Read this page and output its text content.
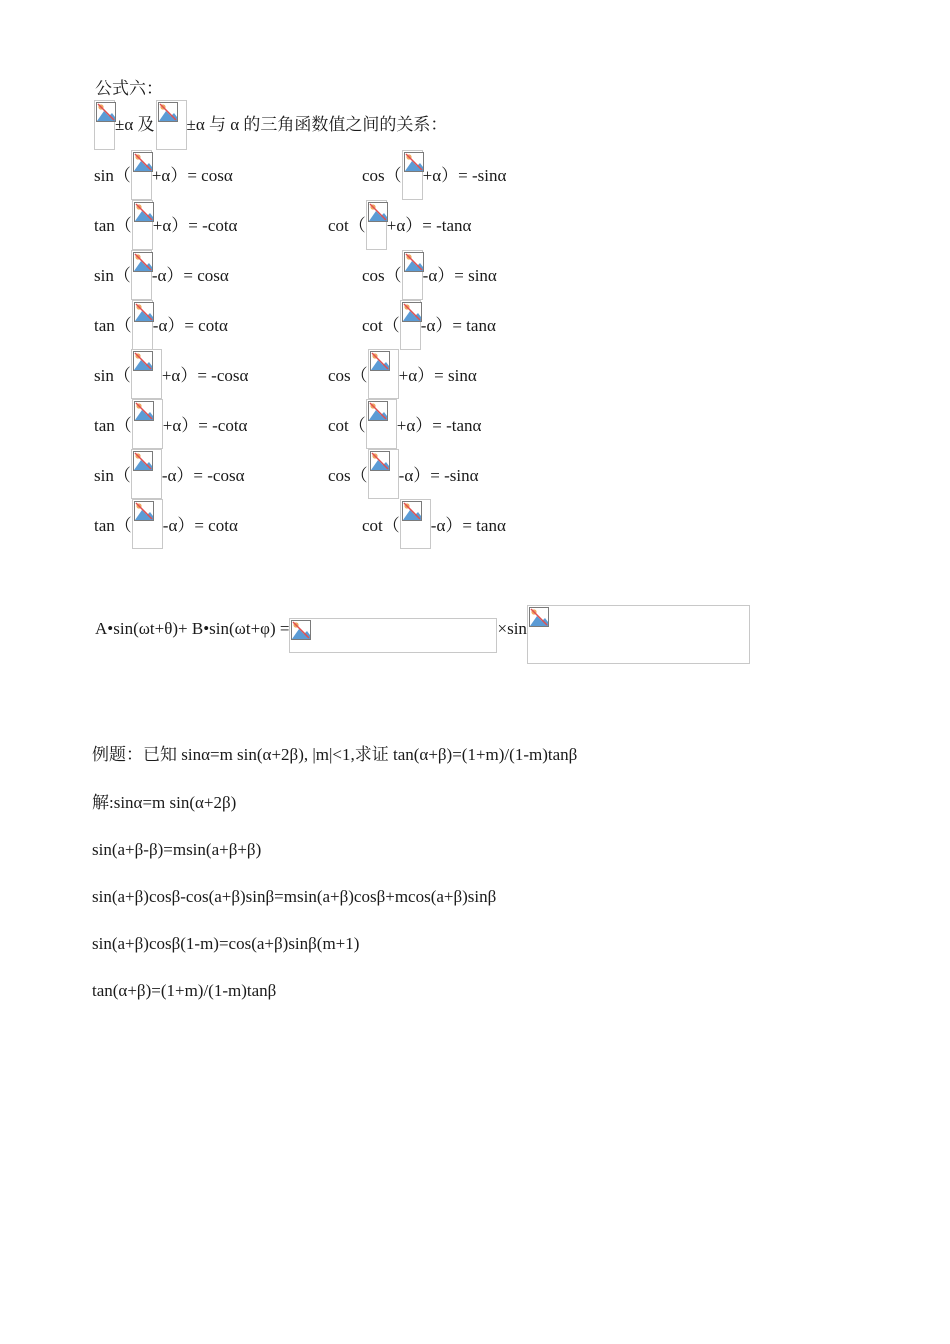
公式六：
±α 及 ±α 与 α 的三角函数值之间的关系：
sin（ +α）= cosα	cos（ +α）= -sinα
tan（ +α）= -cotα	cot（ +α）= -tanα
sin（ -α）= cosα	cos（ -α）= sinα
tan（ -α）= cotα	cot（ -α）= tanα
sin（ +α）= -cosα	cos（ +α）= sinα
tan（ +α）= -cotα	cot（ +α）= -tanα
sin（ -α）= -cosα	cos（ -α）= -sinα
tan（ -α）= cotα	cot（ -α）= tanα
A•sin(ωt+θ)+ B•sin(ωt+φ) =	×sin
例题：已知 sinα=m sin(α+2β), |m|<1,求证 tan(α+β)=(1+m)/(1-m)tanβ
解:sinα=m sin(α+2β)
sin(a+β-β)=msin(a+β+β)
sin(a+β)cosβ-cos(a+β)sinβ=msin(a+β)cosβ+mcos(a+β)sinβ
sin(a+β)cosβ(1-m)=cos(a+β)sinβ(m+1)
tan(α+β)=(1+m)/(1-m)tanβ
